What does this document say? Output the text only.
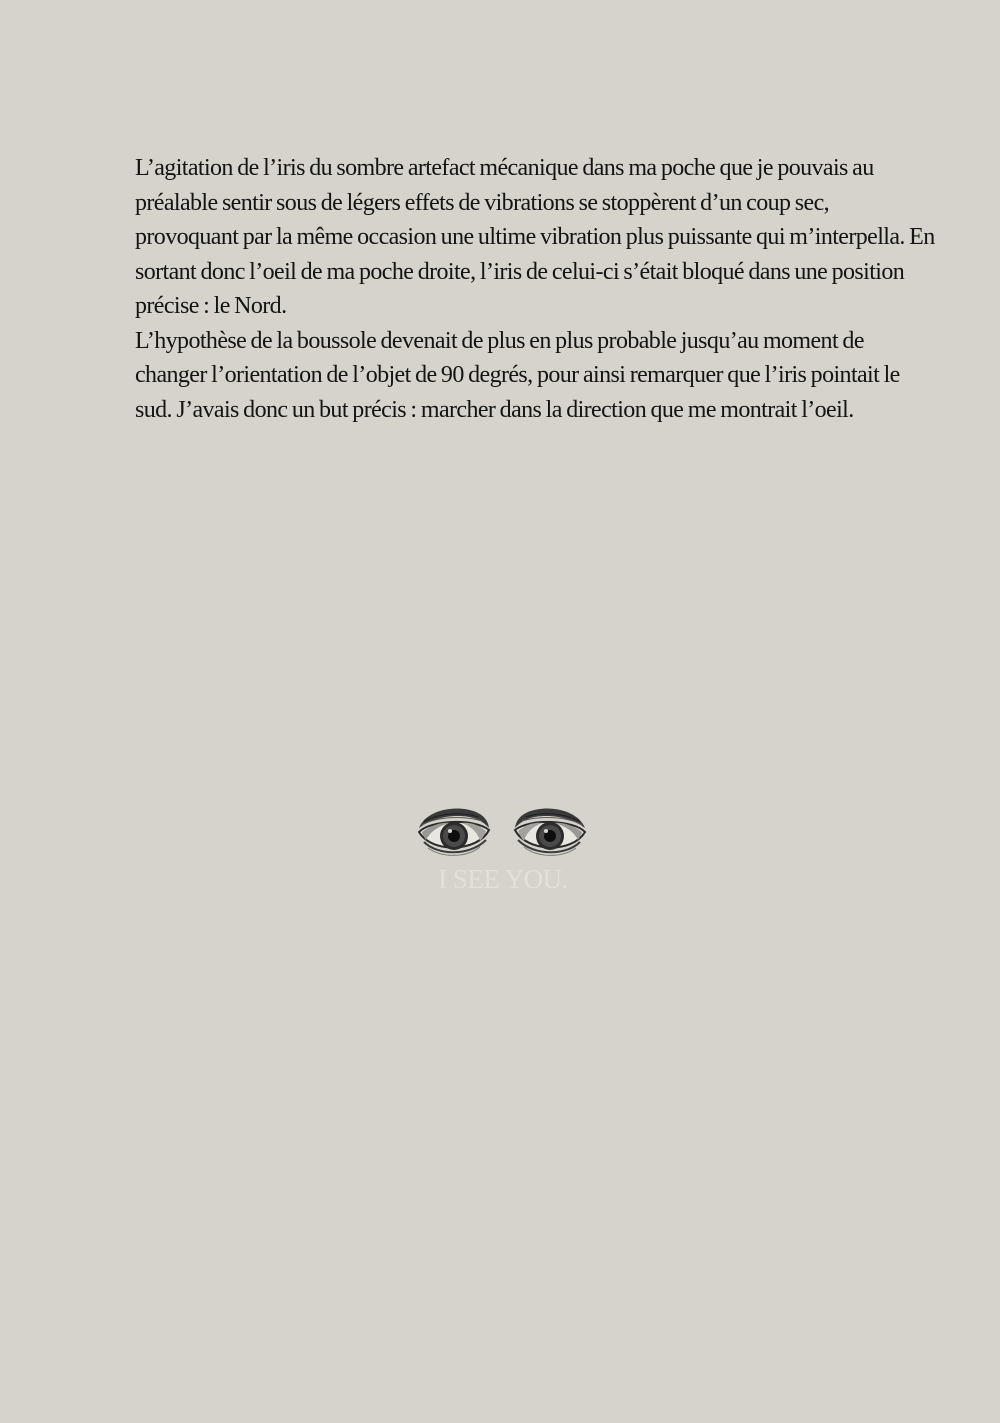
L’agitation de l’iris du sombre artefact mécanique dans ma poche que je pouvais au préalable sentir sous de légers effets de vibrations se stoppèrent d’un coup sec, provoquant par la même occasion une ultime vibration plus puissante qui m’interpella. En sortant donc l’oeil de ma poche droite, l’iris de celui-ci s’était bloqué dans une position précise : le Nord.

L’hypothèse de la boussole devenait de plus en plus probable jusqu’au moment de changer l’orientation de l’objet de 90 degrés, pour ainsi remarquer que l’iris pointait le sud. J’avais donc un but précis : marcher dans la direction que me montrait l’oeil.

I SEE YOU.
